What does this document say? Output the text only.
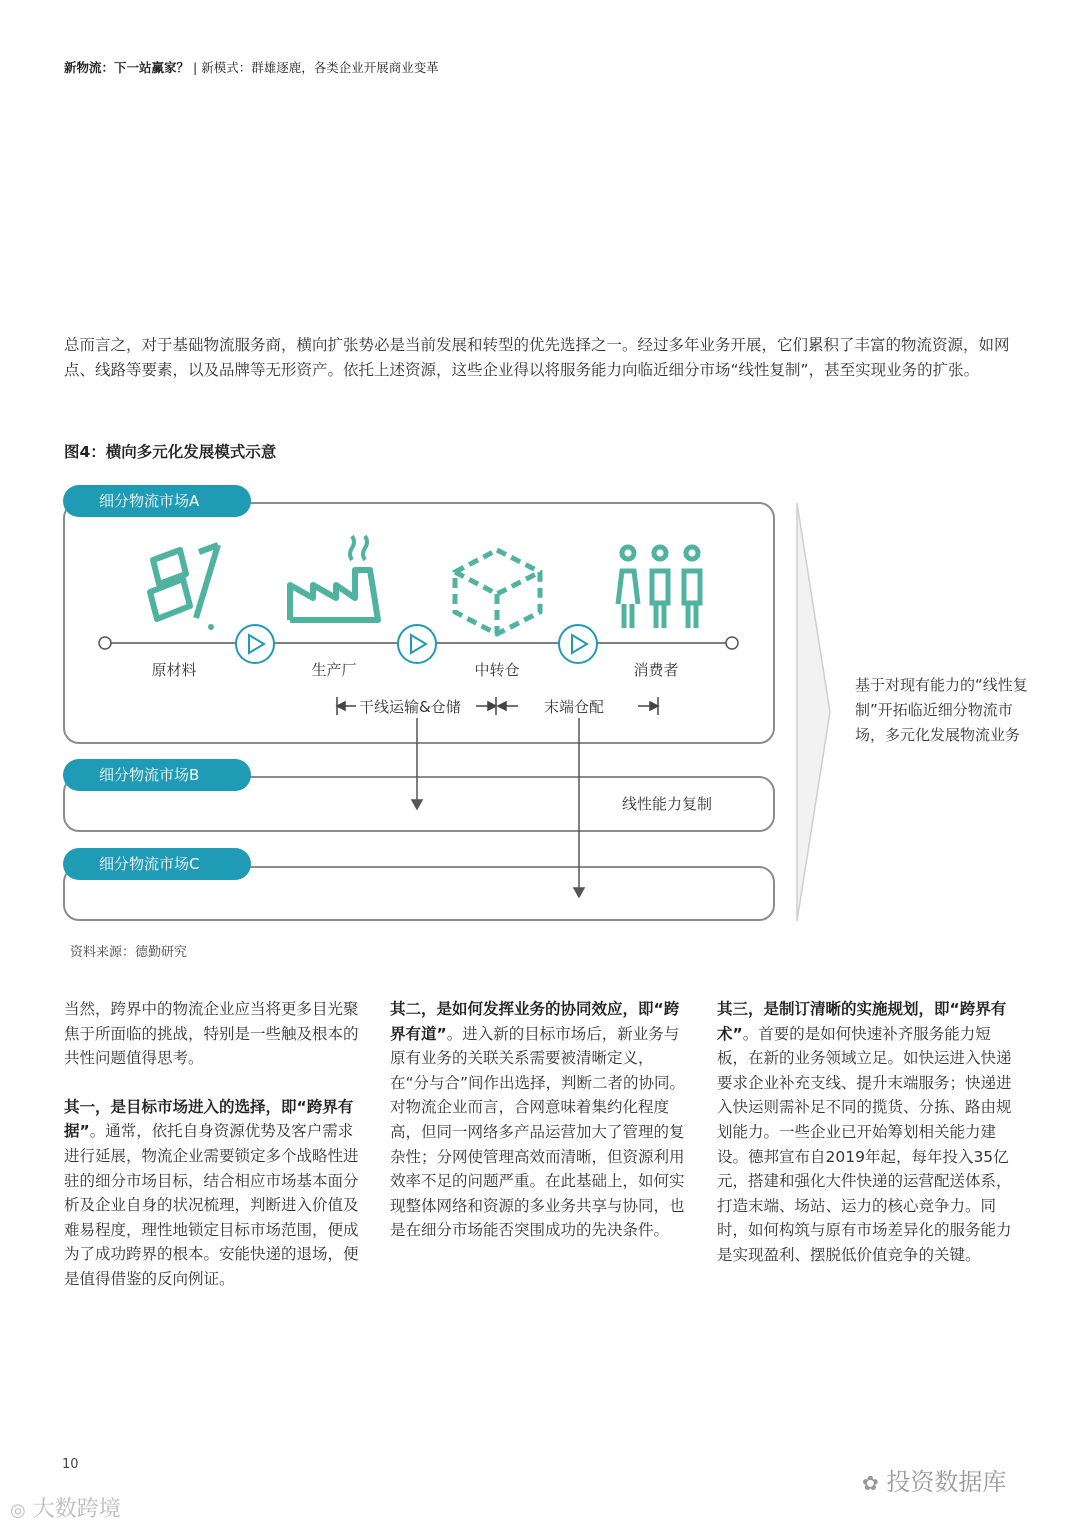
新物流：下一站赢家？ | 新模式：群雄逐鹿，各类企业开展商业变革
总而言之，对于基础物流服务商，横向扩张势必是当前发展和转型的优先选择之一。经过多年业务开展，它们累积了丰富的物流资源，如网点、线路等要素，以及品牌等无形资产。依托上述资源，这些企业得以将服务能力向临近细分市场“线性复制”，甚至实现业务的扩张。
图4：横向多元化发展模式示意
细分物流市场A
细分物流市场B
细分物流市场C
原材料	生产厂	中转仓	消费者
干线运输&仓储	末端仓配
线性能力复制
基于对现有能力的“线性复制”开拓临近细分物流市场，多元化发展物流业务
资料来源：德勤研究

当然，跨界中的物流企业应当将更多目光聚焦于所面临的挑战，特别是一些触及根本的共性问题值得思考。

其一，是目标市场进入的选择，即“跨界有据”。通常，依托自身资源优势及客户需求进行延展，物流企业需要锁定多个战略性进驻的细分市场目标，结合相应市场基本面分析及企业自身的状况梳理，判断进入价值及难易程度，理性地锁定目标市场范围，便成为了成功跨界的根本。安能快递的退场，便是值得借鉴的反向例证。

其二，是如何发挥业务的协同效应，即“跨界有道”。进入新的目标市场后，新业务与原有业务的关联关系需要被清晰定义，在“分与合”间作出选择，判断二者的协同。对物流企业而言，合网意味着集约化程度高，但同一网络多产品运营加大了管理的复杂性；分网使管理高效而清晰，但资源利用效率不足的问题严重。在此基础上，如何实现整体网络和资源的多业务共享与协同，也是在细分市场能否突围成功的先决条件。

其三，是制订清晰的实施规划，即“跨界有术”。首要的是如何快速补齐服务能力短板，在新的业务领域立足。如快运进入快递要求企业补充支线、提升末端服务；快递进入快运则需补足不同的揽货、分拣、路由规划能力。一些企业已开始筹划相关能力建设。德邦宣布自2019年起，每年投入35亿元，搭建和强化大件快递的运营配送体系，打造末端、场站、运力的核心竞争力。同时，如何构筑与原有市场差异化的服务能力是实现盈利、摆脱低价值竞争的关键。

10
✿ 投资数据库
◎ 大数跨境
